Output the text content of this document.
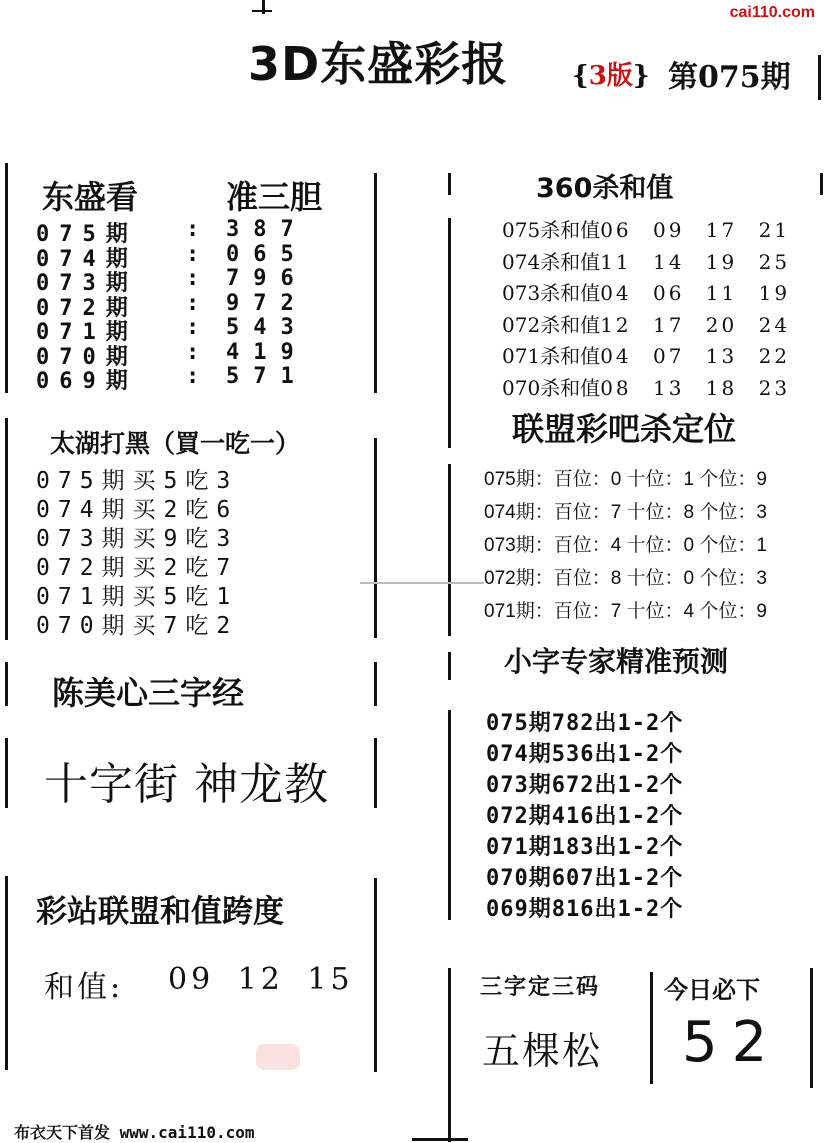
cai110.com
3D东盛彩报 {3版} 第075期
东盛看	准三胆
075期	:	387
074期	:	065
073期	:	796
072期	:	972
071期	:	543
070期	:	419
069期	:	571
太湖打黑（買一吃一）
075期买5吃3
074期买2吃6
073期买9吃3
072期买2吃7
071期买5吃1
070期买7吃2
陈美心三字经
十字街 神龙教
彩站联盟和值跨度
和值: 09 12 15
布衣天下首发 www.cai110.com
360杀和值
075杀和值06 09 17 21
074杀和值11 14 19 25
073杀和值04 06 11 19
072杀和值12 17 20 24
071杀和值04 07 13 22
070杀和值08 13 18 23
联盟彩吧杀定位
075期：百位：0 十位：1 个位：9
074期：百位：7 十位：8 个位：3
073期：百位：4 十位：0 个位：1
072期：百位：8 十位：0 个位：3
071期：百位：7 十位：4 个位：9
小字专家精准预测
075期782出1-2个
074期536出1-2个
073期672出1-2个
072期416出1-2个
071期183出1-2个
070期607出1-2个
069期816出1-2个
三字定三码	今日必下
五棵松 52
